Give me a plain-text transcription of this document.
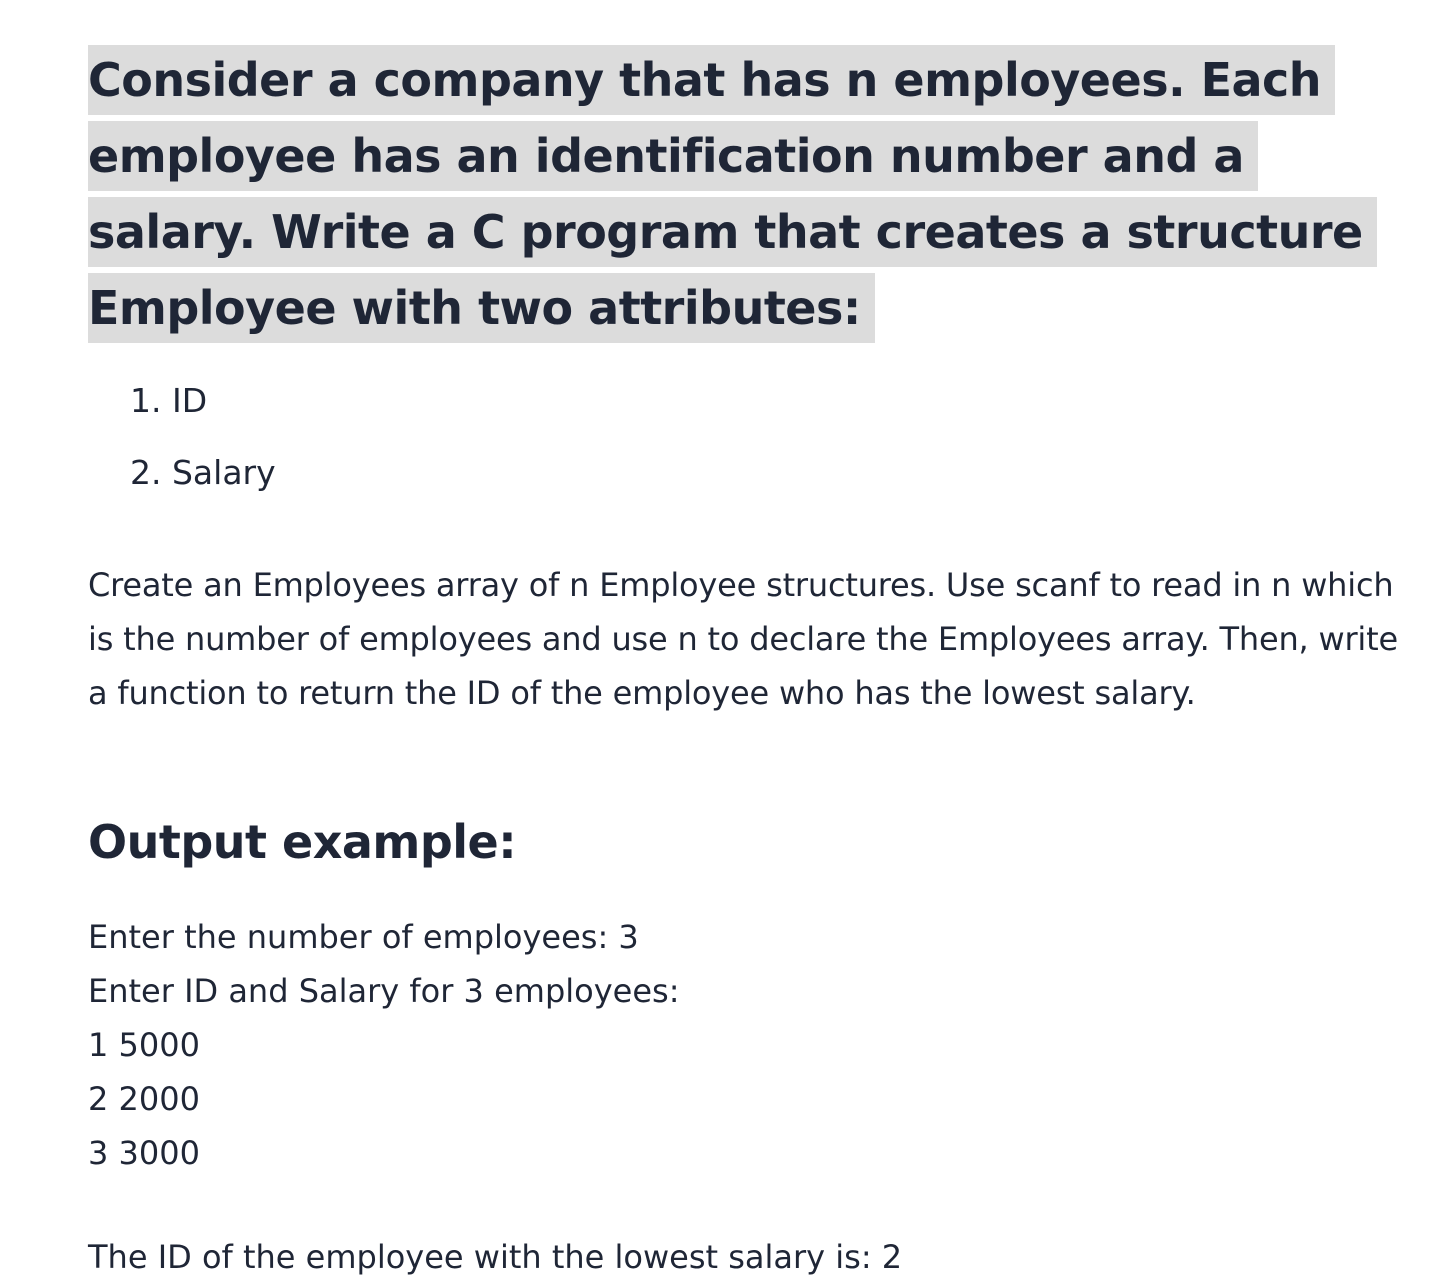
Consider a company that has n employees. Each employee has an identification number and a salary. Write a C program that creates a structure Employee with two attributes:
1. ID
2. Salary

Create an Employees array of n Employee structures. Use scanf to read in n which is the number of employees and use n to declare the Employees array. Then, write a function to return the ID of the employee who has the lowest salary.

Output example:
Enter the number of employees: 3
Enter ID and Salary for 3 employees:
1 5000
2 2000
3 3000

The ID of the employee with the lowest salary is: 2
